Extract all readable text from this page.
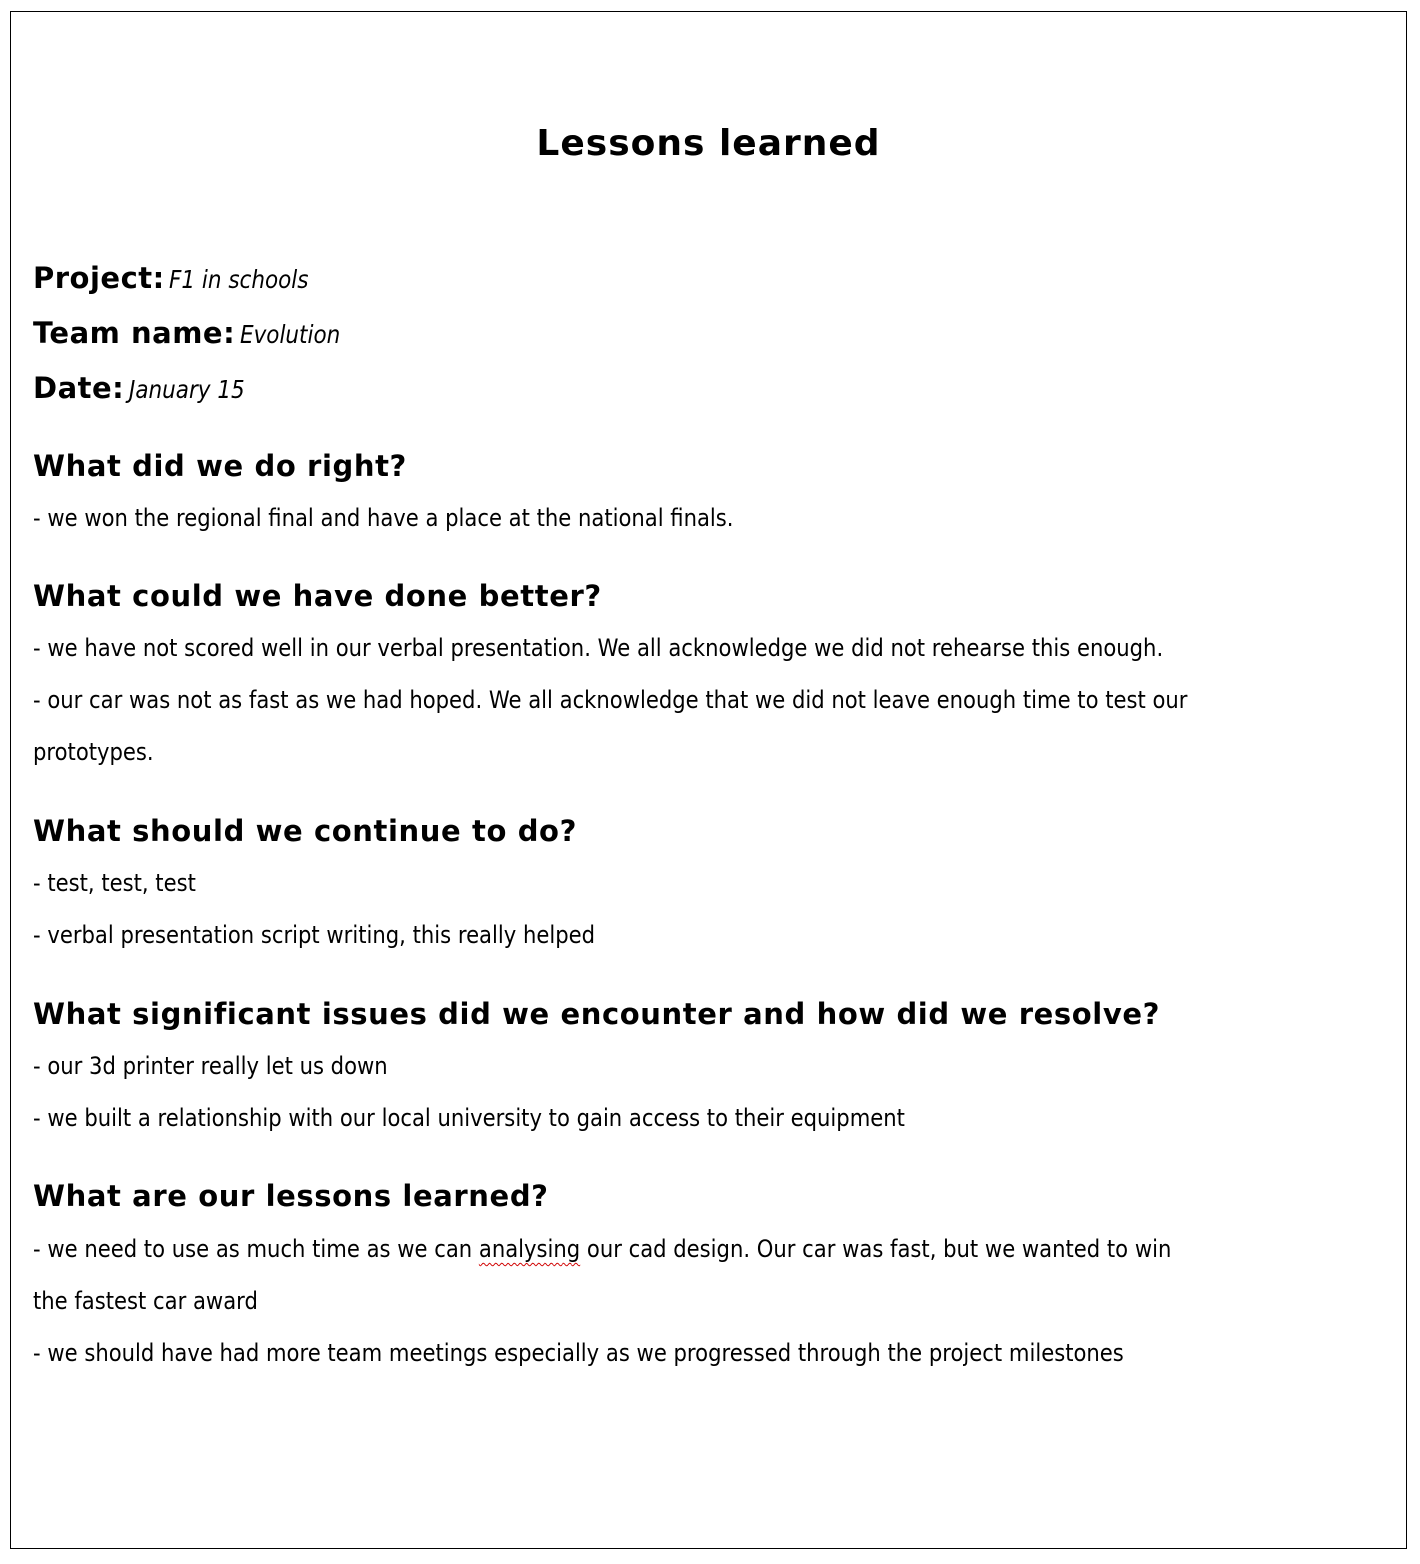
Lessons learned
Project: F1 in schools
Team name: Evolution
Date: January 15
What did we do right?
- we won the regional final and have a place at the national finals.
What could we have done better?
- we have not scored well in our verbal presentation. We all acknowledge we did not rehearse this enough.
- our car was not as fast as we had hoped. We all acknowledge that we did not leave enough time to test our
prototypes.
What should we continue to do?
- test, test, test
- verbal presentation script writing, this really helped
What significant issues did we encounter and how did we resolve?
- our 3d printer really let us down
- we built a relationship with our local university to gain access to their equipment
What are our lessons learned?
- we need to use as much time as we can analysing our cad design. Our car was fast, but we wanted to win
the fastest car award
- we should have had more team meetings especially as we progressed through the project milestones
